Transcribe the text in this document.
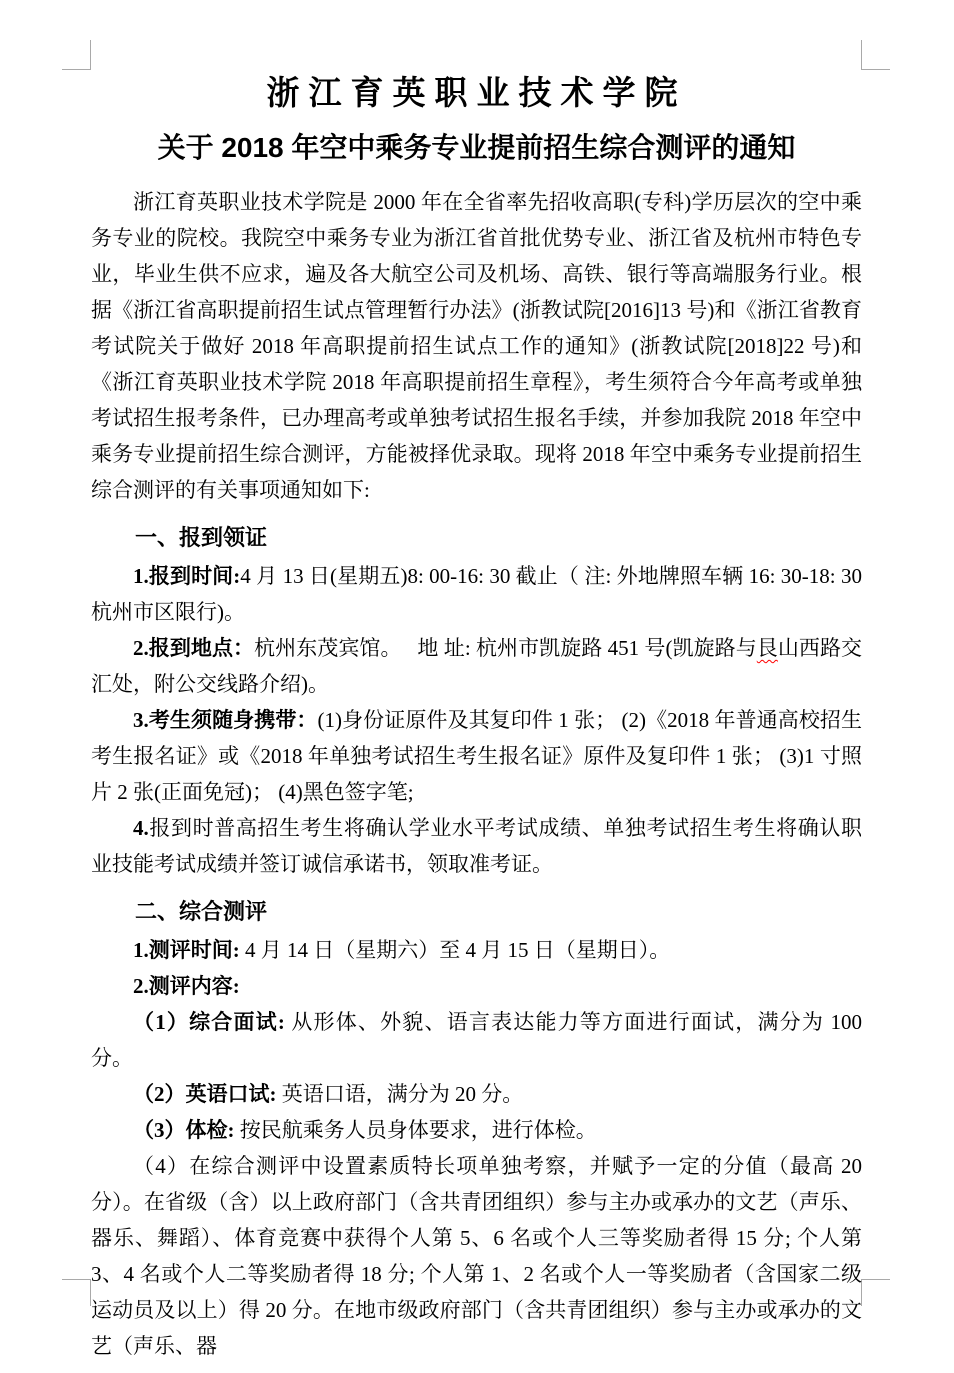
浙江育英职业技术学院
关于 2018 年空中乘务专业提前招生综合测评的通知

浙江育英职业技术学院是 2000 年在全省率先招收高职(专科)学历层次的空中乘务专业的院校。我院空中乘务专业为浙江省首批优势专业、浙江省及杭州市特色专业，毕业生供不应求，遍及各大航空公司及机场、高铁、银行等高端服务行业。根据《浙江省高职提前招生试点管理暂行办法》(浙教试院[2016]13 号)和《浙江省教育考试院关于做好 2018 年高职提前招生试点工作的通知》(浙教试院[2018]22 号)和《浙江育英职业技术学院 2018 年高职提前招生章程》，考生须符合今年高考或单独考试招生报考条件，已办理高考或单独考试招生报名手续，并参加我院 2018 年空中乘务专业提前招生综合测评，方能被择优录取。现将 2018 年空中乘务专业提前招生综合测评的有关事项通知如下:

一、报到领证

1.报到时间:4 月 13 日(星期五)8: 00-16: 30 截止（ 注: 外地牌照车辆 16: 30-18: 30 杭州市区限行)。

2.报到地点：杭州东茂宾馆。　 地 址: 杭州市凯旋路 451 号(凯旋路与艮山西路交汇处，附公交线路介绍)。

3.考生须随身携带：(1)身份证原件及其复印件 1 张； (2)《2018 年普通高校招生考生报名证》或《2018 年单独考试招生考生报名证》原件及复印件 1 张； (3)1 寸照片 2 张(正面免冠)； (4)黑色签字笔;

4.报到时普高招生考生将确认学业水平考试成绩、单独考试招生考生将确认职业技能考试成绩并签订诚信承诺书，领取准考证。

二、综合测评

1.测评时间: 4 月 14 日（星期六）至 4 月 15 日（星期日）。

2.测评内容:

（1）综合面试: 从形体、外貌、语言表达能力等方面进行面试，满分为 100 分。

（2）英语口试: 英语口语，满分为 20 分。

（3）体检: 按民航乘务人员身体要求，进行体检。

（4）在综合测评中设置素质特长项单独考察，并赋予一定的分值（最高 20 分）。在省级（含）以上政府部门（含共青团组织）参与主办或承办的文艺（声乐、器乐、舞蹈）、体育竞赛中获得个人第 5、6 名或个人三等奖励者得 15 分; 个人第 3、4 名或个人二等奖励者得 18 分; 个人第 1、2 名或个人一等奖励者（含国家二级运动员及以上）得 20 分。在地市级政府部门（含共青团组织）参与主办或承办的文艺（声乐、器
